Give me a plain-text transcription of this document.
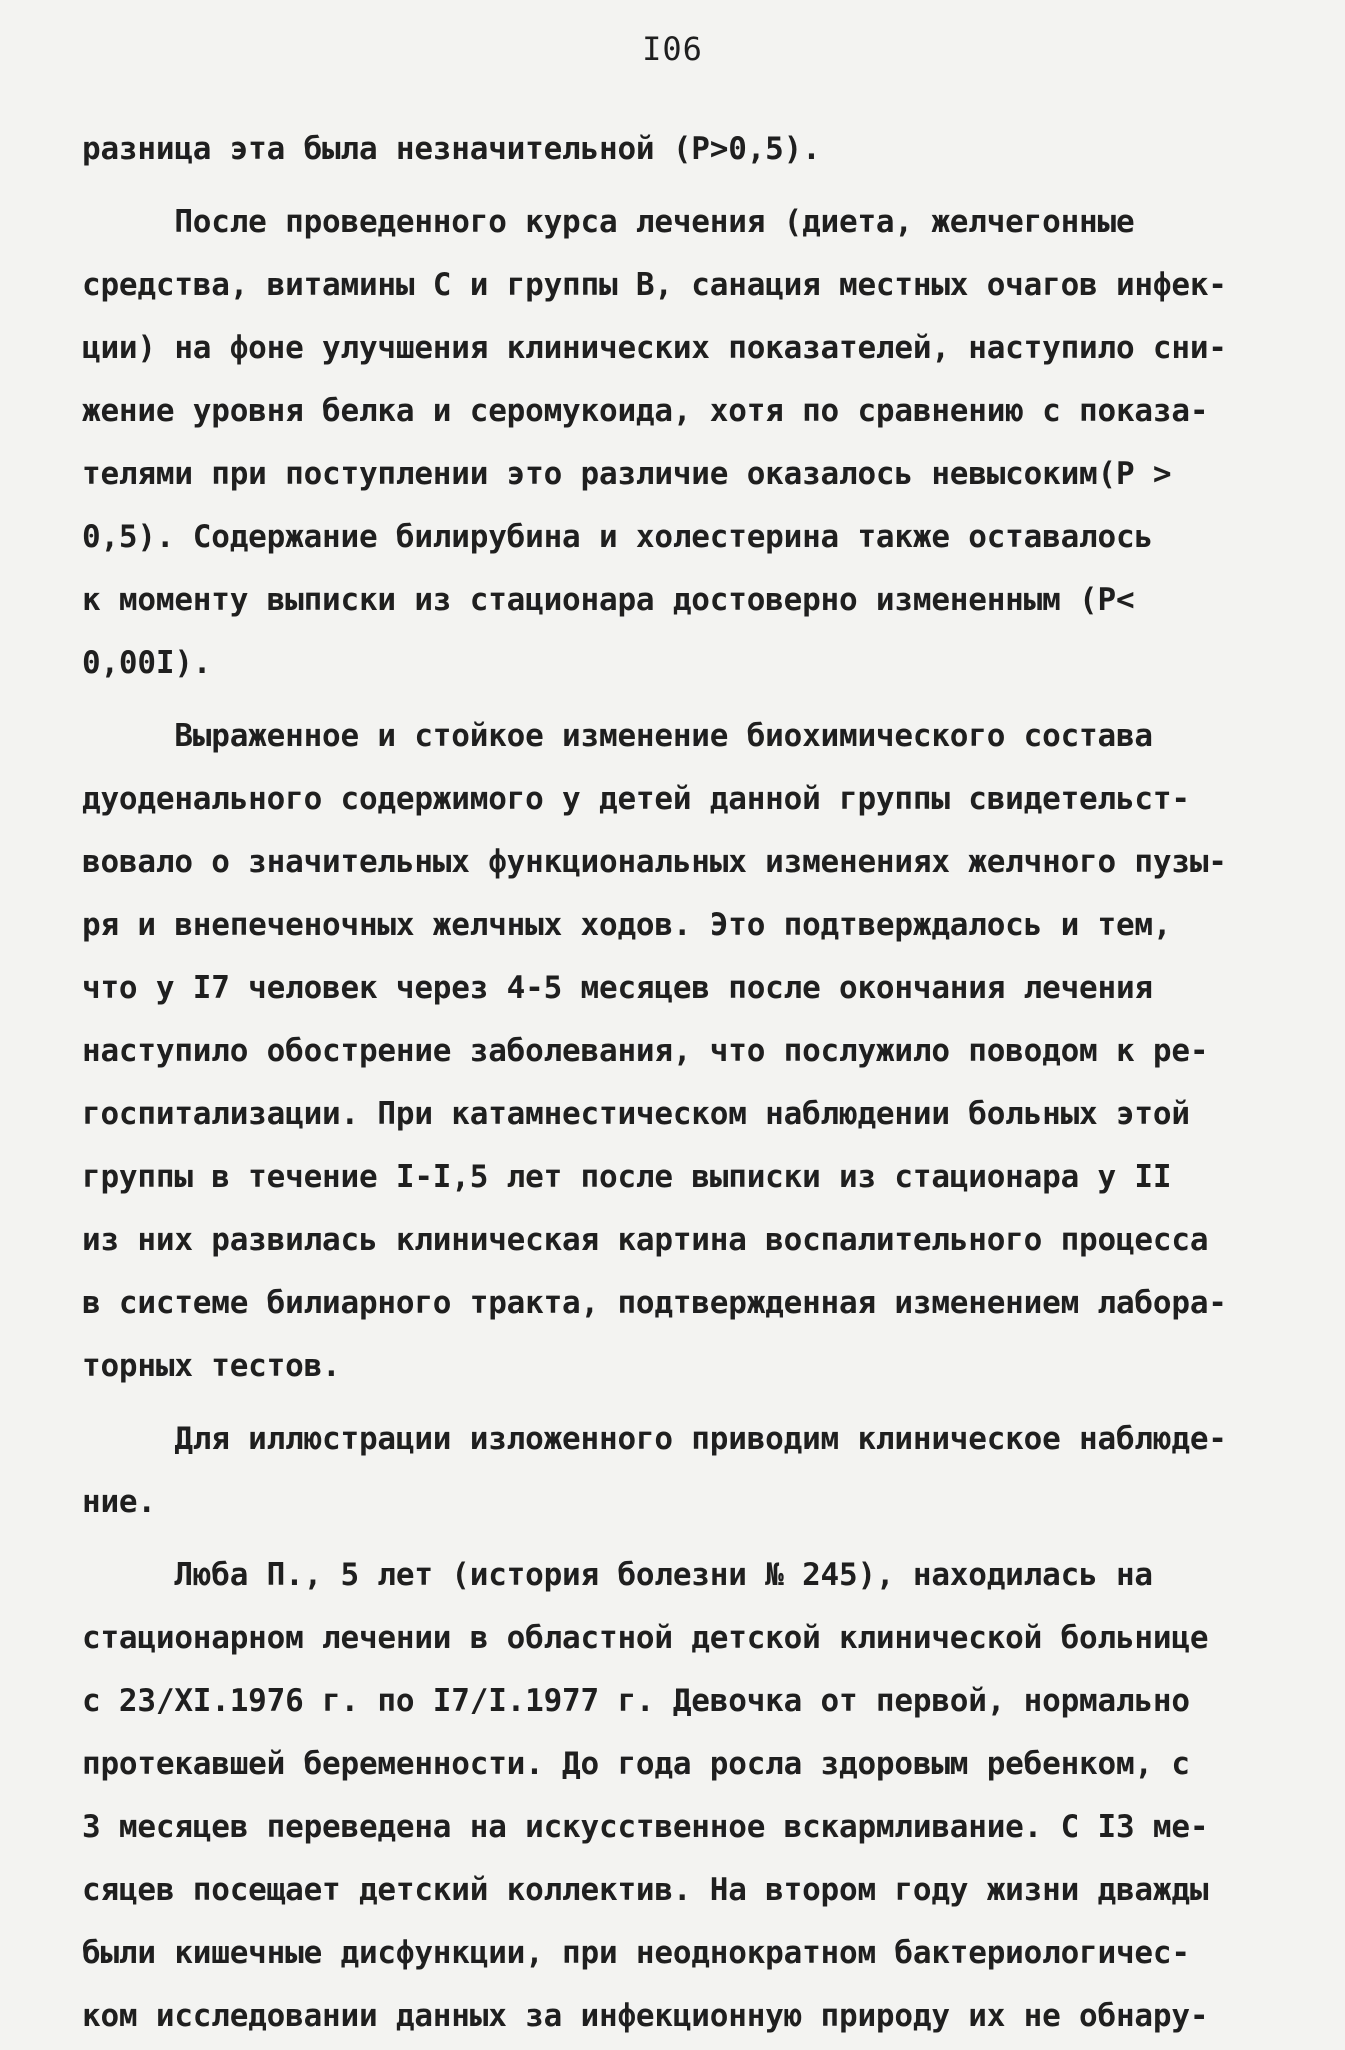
I06
разница эта была незначительной (P>0,5).
После проведенного курса лечения (диета, желчегонные
средства, витамины С и группы В, санация местных очагов инфек-
ции) на фоне улучшения клинических показателей, наступило сни-
жение уровня белка и серомукоида, хотя по сравнению с показа-
телями при поступлении это различие оказалось невысоким(P >
0,5). Содержание билирубина и холестерина также оставалось
к моменту выписки из стационара достоверно измененным (P<
0,00I).
Выраженное и стойкое изменение биохимического состава
дуоденального содержимого у детей данной группы свидетельст-
вовало о значительных функциональных изменениях желчного пузы-
ря и внепеченочных желчных ходов. Это подтверждалось и тем,
что у I7 человек через 4-5 месяцев после окончания лечения
наступило обострение заболевания, что послужило поводом к ре-
госпитализации. При катамнестическом наблюдении больных этой
группы в течение I-I,5 лет после выписки из стационара у II
из них развилась клиническая картина воспалительного процесса
в системе билиарного тракта, подтвержденная изменением лабора-
торных тестов.
Для иллюстрации изложенного приводим клиническое наблюде-
ние.
Люба П., 5 лет (история болезни № 245), находилась на
стационарном лечении в областной детской клинической больнице
с 23/XI.1976 г. по I7/I.1977 г. Девочка от первой, нормально
протекавшей беременности. До года росла здоровым ребенком, с
3 месяцев переведена на искусственное вскармливание. С I3 ме-
сяцев посещает детский коллектив. На втором году жизни дважды
были кишечные дисфункции, при неоднократном бактериологичес-
ком исследовании данных за инфекционную природу их не обнару-
